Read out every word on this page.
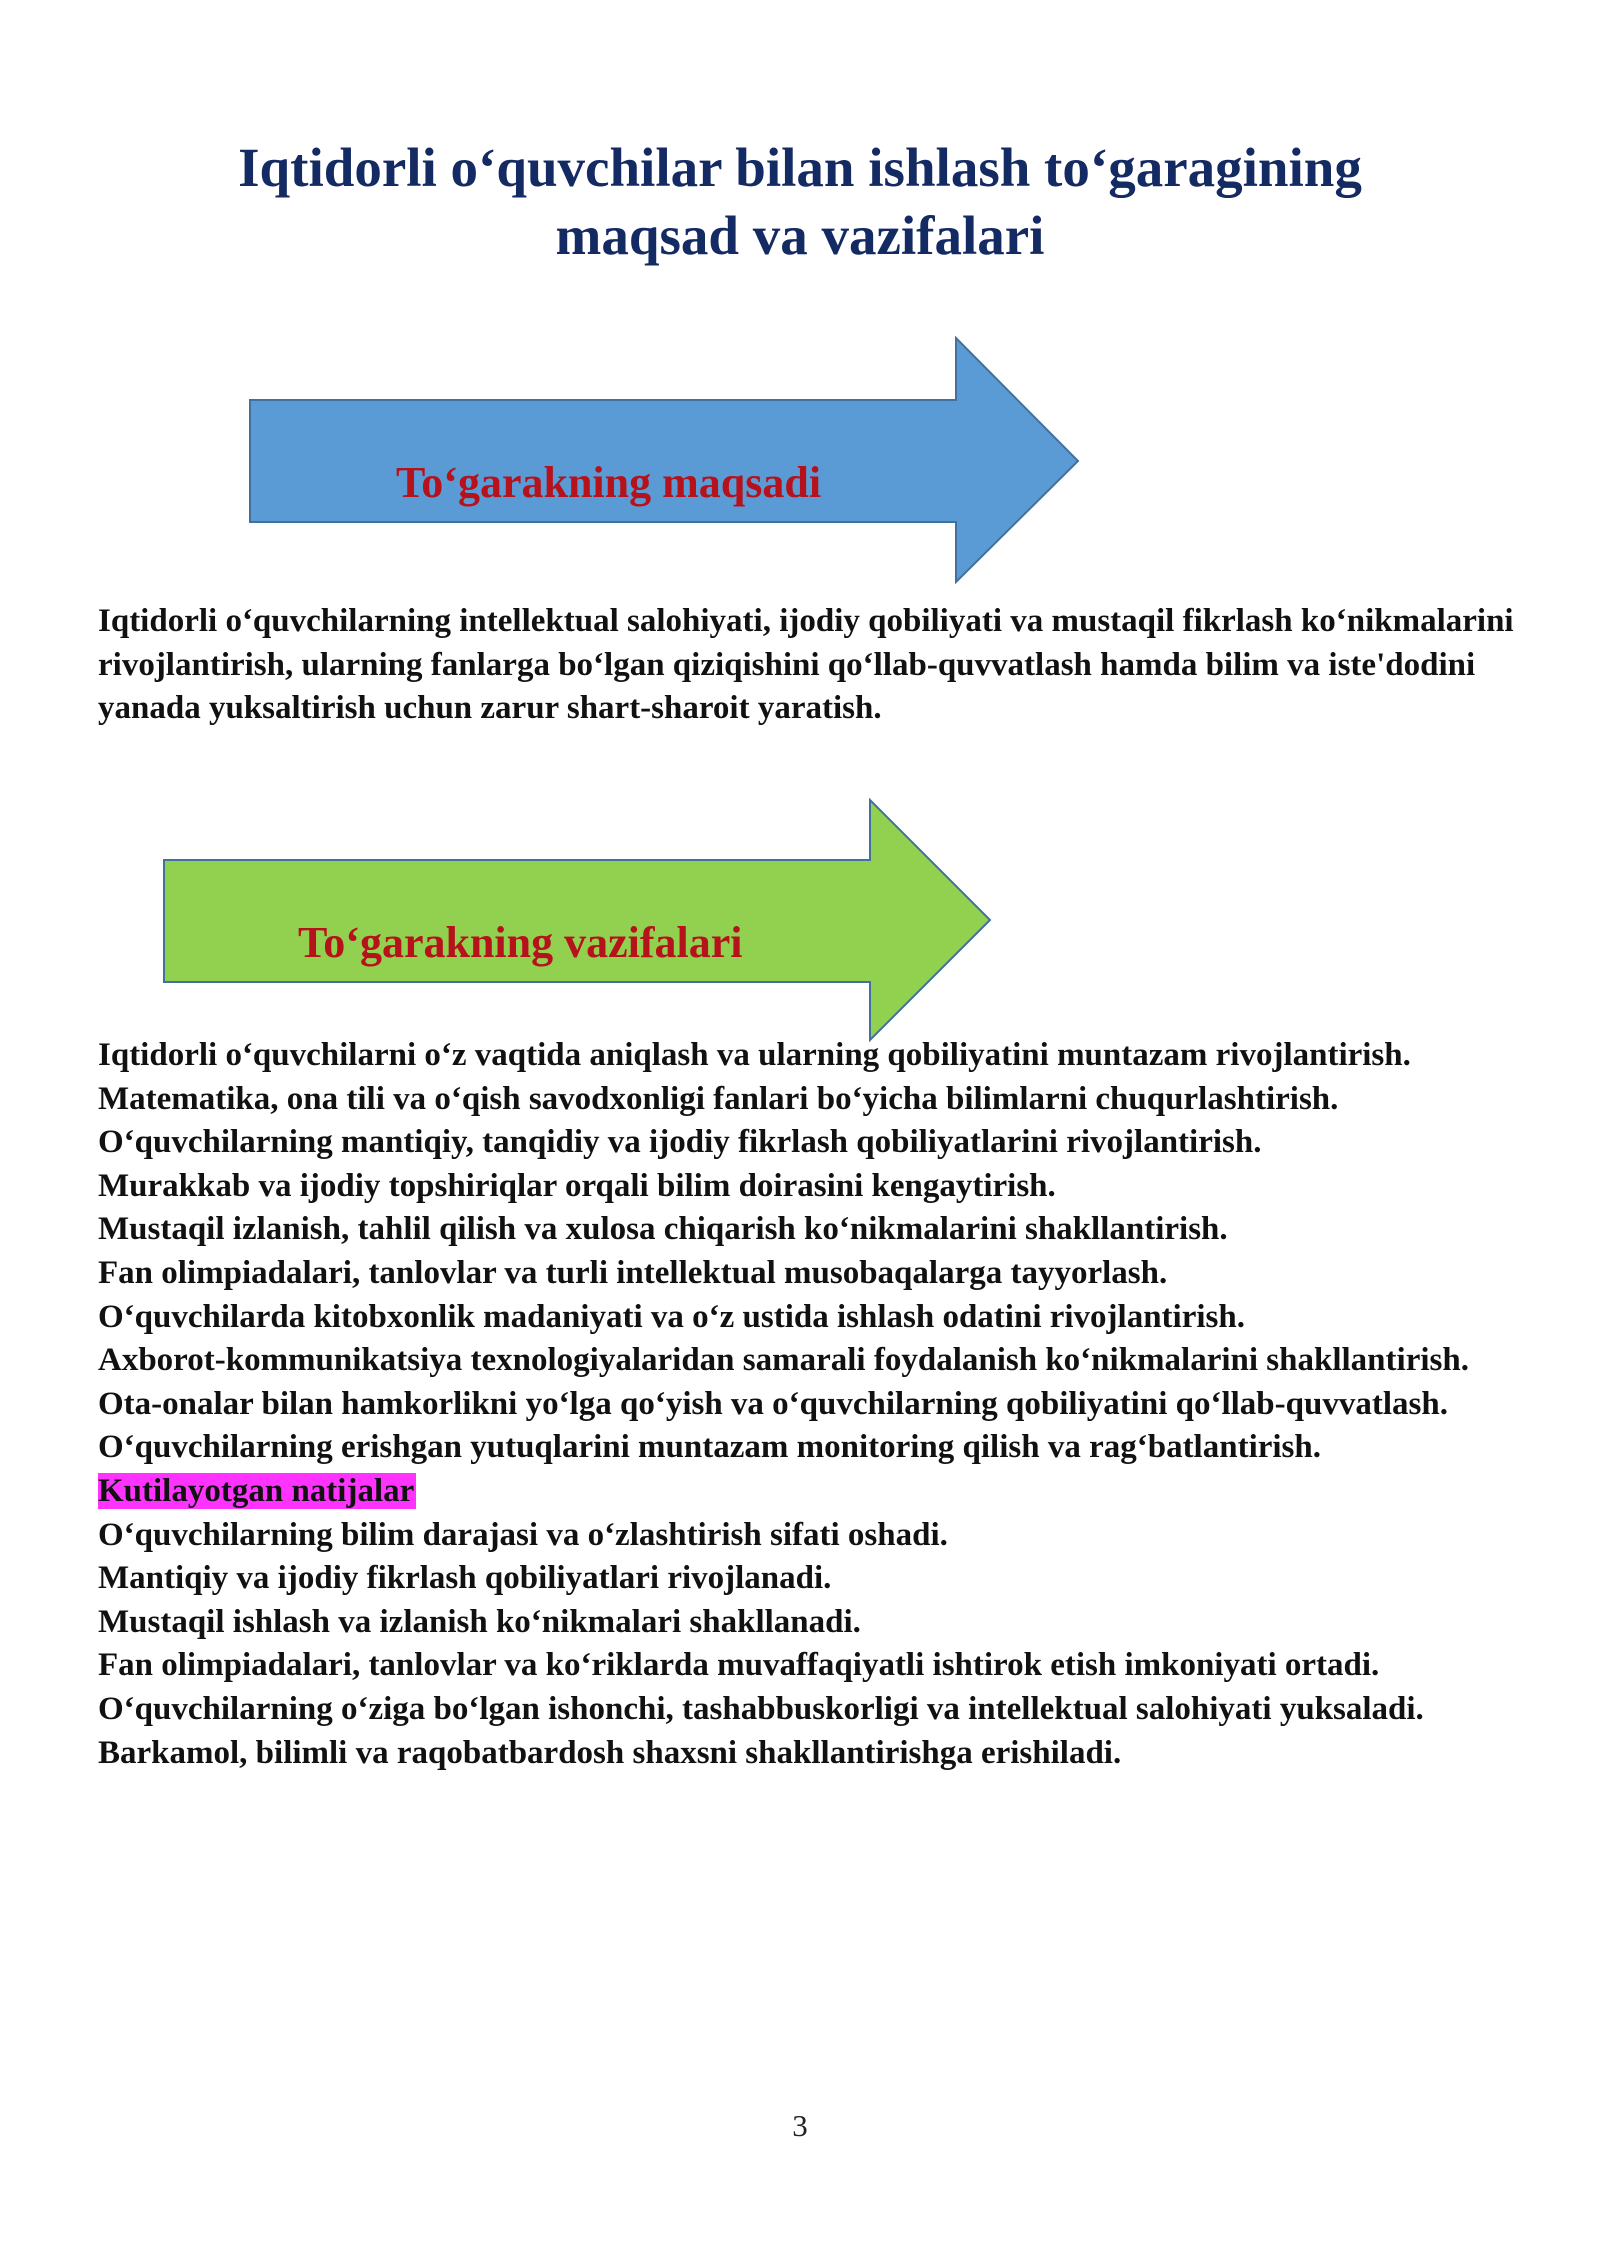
Iqtidorli oʻquvchilar bilan ishlash toʻgaragining
maqsad va vazifalari
Toʻgarakning maqsadi
Iqtidorli oʻquvchilarning intellektual salohiyati, ijodiy qobiliyati va mustaqil fikrlash koʻnikmalarini rivojlantirish, ularning fanlarga boʻlgan qiziqishini qoʻllab-quvvatlash hamda bilim va iste'dodini yanada yuksaltirish uchun zarur shart-sharoit yaratish.
Toʻgarakning vazifalari
Iqtidorli oʻquvchilarni oʻz vaqtida aniqlash va ularning qobiliyatini muntazam rivojlantirish.
Matematika, ona tili va oʻqish savodxonligi fanlari boʻyicha bilimlarni chuqurlashtirish.
Oʻquvchilarning mantiqiy, tanqidiy va ijodiy fikrlash qobiliyatlarini rivojlantirish.
Murakkab va ijodiy topshiriqlar orqali bilim doirasini kengaytirish.
Mustaqil izlanish, tahlil qilish va xulosa chiqarish koʻnikmalarini shakllantirish.
Fan olimpiadalari, tanlovlar va turli intellektual musobaqalarga tayyorlash.
Oʻquvchilarda kitobxonlik madaniyati va oʻz ustida ishlash odatini rivojlantirish.
Axborot-kommunikatsiya texnologiyalaridan samarali foydalanish koʻnikmalarini shakllantirish.
Ota-onalar bilan hamkorlikni yoʻlga qoʻyish va oʻquvchilarning qobiliyatini qoʻllab-quvvatlash.
Oʻquvchilarning erishgan yutuqlarini muntazam monitoring qilish va ragʻbatlantirish.
Kutilayotgan natijalar
Oʻquvchilarning bilim darajasi va oʻzlashtirish sifati oshadi.
Mantiqiy va ijodiy fikrlash qobiliyatlari rivojlanadi.
Mustaqil ishlash va izlanish koʻnikmalari shakllanadi.
Fan olimpiadalari, tanlovlar va koʻriklarda muvaffaqiyatli ishtirok etish imkoniyati ortadi.
Oʻquvchilarning oʻziga boʻlgan ishonchi, tashabbuskorligi va intellektual salohiyati yuksaladi.
Barkamol, bilimli va raqobatbardosh shaxsni shakllantirishga erishiladi.
3
